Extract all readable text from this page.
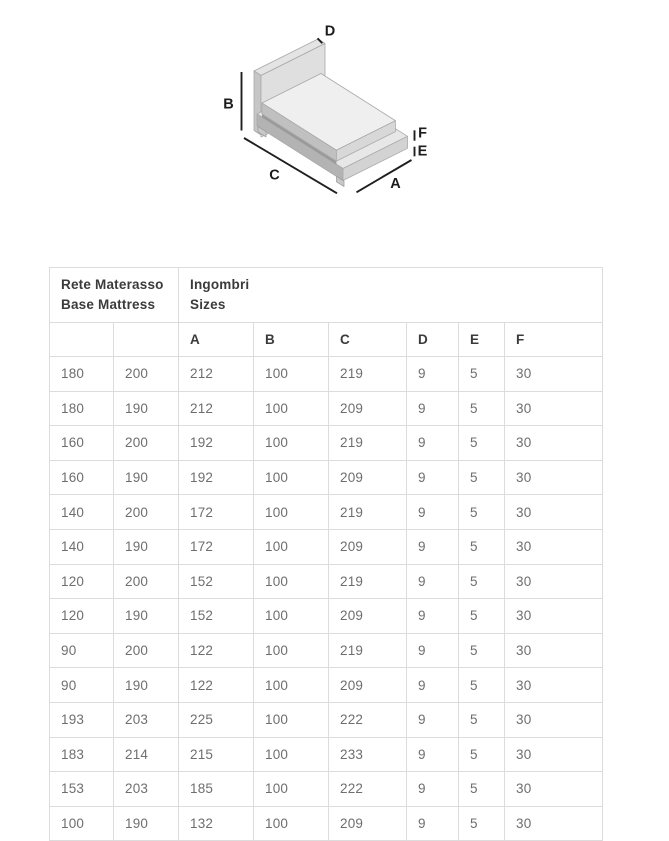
D
B
C
A
F
E
Rete Materasso
Base Mattress

Ingombri
Sizes

		A	B	C	D	E	F
180	200	212	100	219	9	5	30
180	190	212	100	209	9	5	30
160	200	192	100	219	9	5	30
160	190	192	100	209	9	5	30
140	200	172	100	219	9	5	30
140	190	172	100	209	9	5	30
120	200	152	100	219	9	5	30
120	190	152	100	209	9	5	30
90	200	122	100	219	9	5	30
90	190	122	100	209	9	5	30
193	203	225	100	222	9	5	30
183	214	215	100	233	9	5	30
153	203	185	100	222	9	5	30
100	190	132	100	209	9	5	30
